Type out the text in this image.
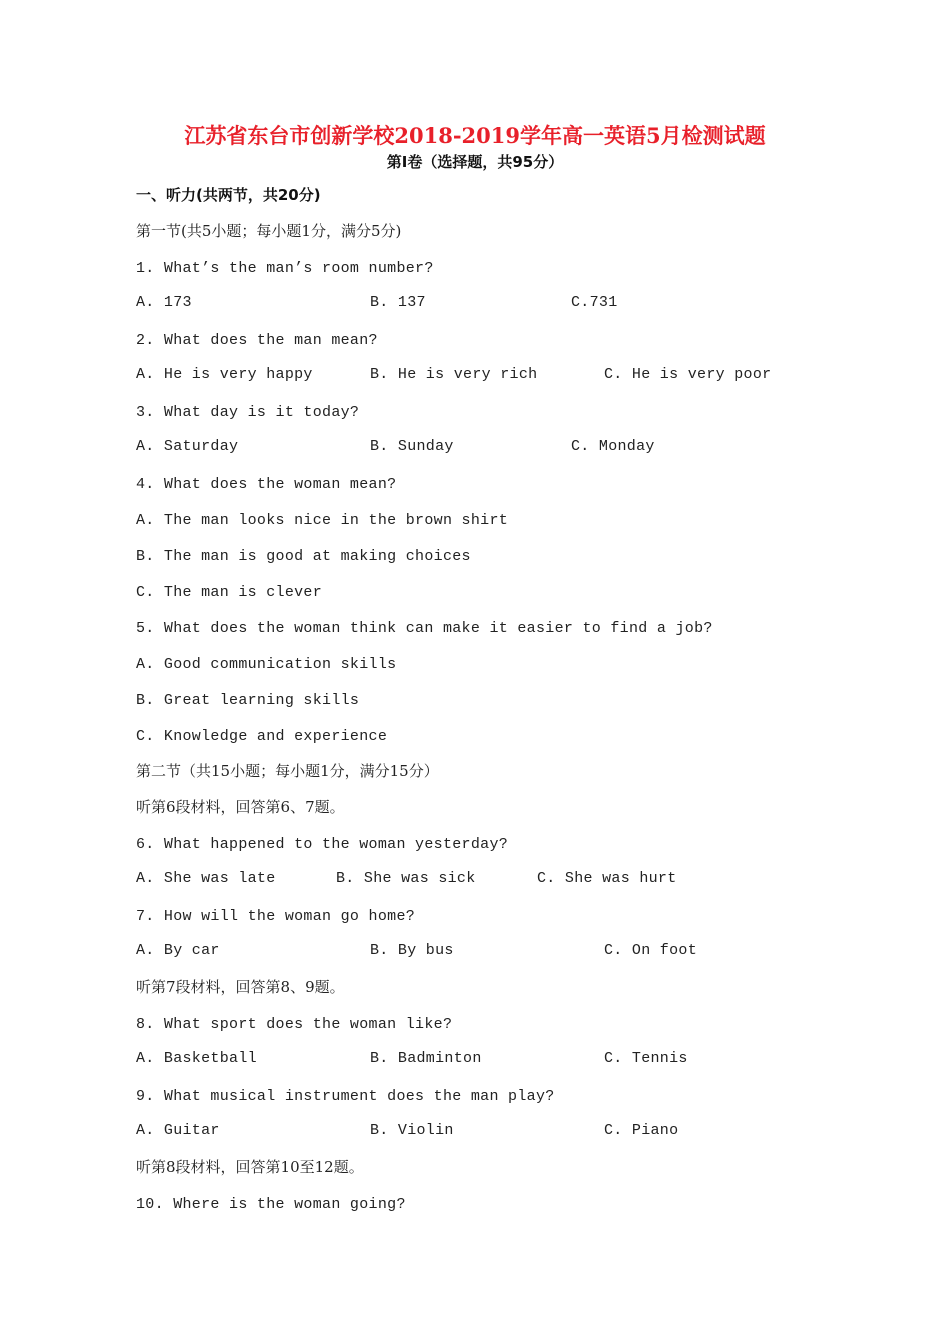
江苏省东台市创新学校2018-2019学年高一英语5月检测试题
第I卷（选择题，共95分）
一、听力(共两节，共20分)
第一节(共5小题；每小题1分，满分5分)
1. What’s the man’s room number?
A. 173	B. 137	C.731
2. What does the man mean?
A. He is very happy	B. He is very rich	C. He is very poor
3. What day is it today?
A. Saturday	B. Sunday	C. Monday
4. What does the woman mean?
A. The man looks nice in the brown shirt
B. The man is good at making choices
C. The man is clever
5. What does the woman think can make it easier to find a job?
A. Good communication skills
B. Great learning skills
C. Knowledge and experience
第二节（共15小题；每小题1分，满分15分）
听第6段材料，回答第6、7题。
6. What happened to the woman yesterday?
A. She was late	B. She was sick	C. She was hurt
7. How will the woman go home?
A. By car	B. By bus	C. On foot
听第7段材料，回答第8、9题。
8. What sport does the woman like?
A. Basketball	B. Badminton	C. Tennis
9. What musical instrument does the man play?
A. Guitar	B. Violin	C. Piano
听第8段材料，回答第10至12题。
10. Where is the woman going?
